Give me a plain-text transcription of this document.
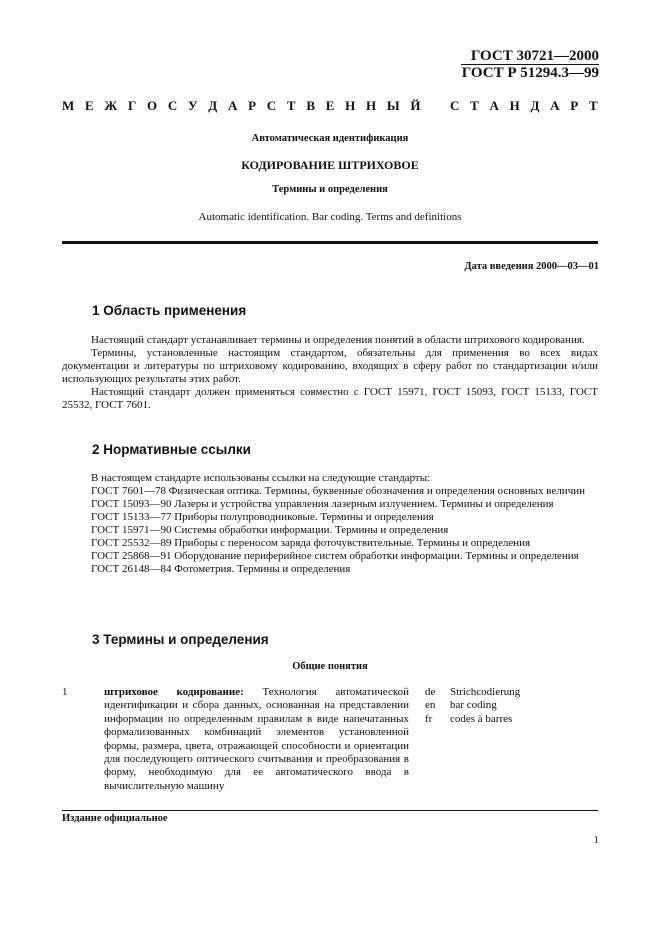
ГОСТ 30721—2000
ГОСТ Р 51294.3—99
М Е Ж Г О С У Д А Р С Т В Е Н Н Ы Й С Т А Н Д А Р Т
Автоматическая идентификация
КОДИРОВАНИЕ ШТРИХОВОЕ
Термины и определения
Automatic identification. Bar coding. Terms and definitions
Дата введения 2000—03—01
1 Область применения

Настоящий стандарт устанавливает термины и определения понятий в области штрихового кодирования.

Термины, установленные настоящим стандартом, обязательны для применения во всех видах документации и литературы по штриховому кодированию, входящих в сферу работ по стандартизации и/или использующих результаты этих работ.

Настоящий стандарт должен применяться совместно с ГОСТ 15971, ГОСТ 15093, ГОСТ 15133, ГОСТ 25532, ГОСТ 7601.

2 Нормативные ссылки

В настоящем стандарте использованы ссылки на следующие стандарты:

ГОСТ 7601—78 Физическая оптика. Термины, буквенные обозначения и определения основных величин

ГОСТ 15093—90 Лазеры и устройства управления лазерным излучением. Термины и определения

ГОСТ 15133—77 Приборы полупроводниковые. Термины и определения

ГОСТ 15971—90 Системы обработки информации. Термины и определения

ГОСТ 25532—89 Приборы с переносом заряда фоточувствительные. Термины и определения

ГОСТ 25868—91 Оборудование периферийное систем обработки информации. Термины и определения

ГОСТ 26148—84 Фотометрия. Термины и определения

3 Термины и определения
Общие понятия
1	штриховое кодирование: Технология автоматической идентификации и сбора данных, основанная на представлении информации по определенным правилам в виде напечатанных формализованных комбинаций элементов установленной формы, размера, цвета, отражающей способности и ориентации для последующего оптического считывания и преобразования в форму, необходимую для ее автоматического ввода в вычислительную машину
de
en
fr
Strichcodierung
bar coding
codes à barres
Издание официальное
1
